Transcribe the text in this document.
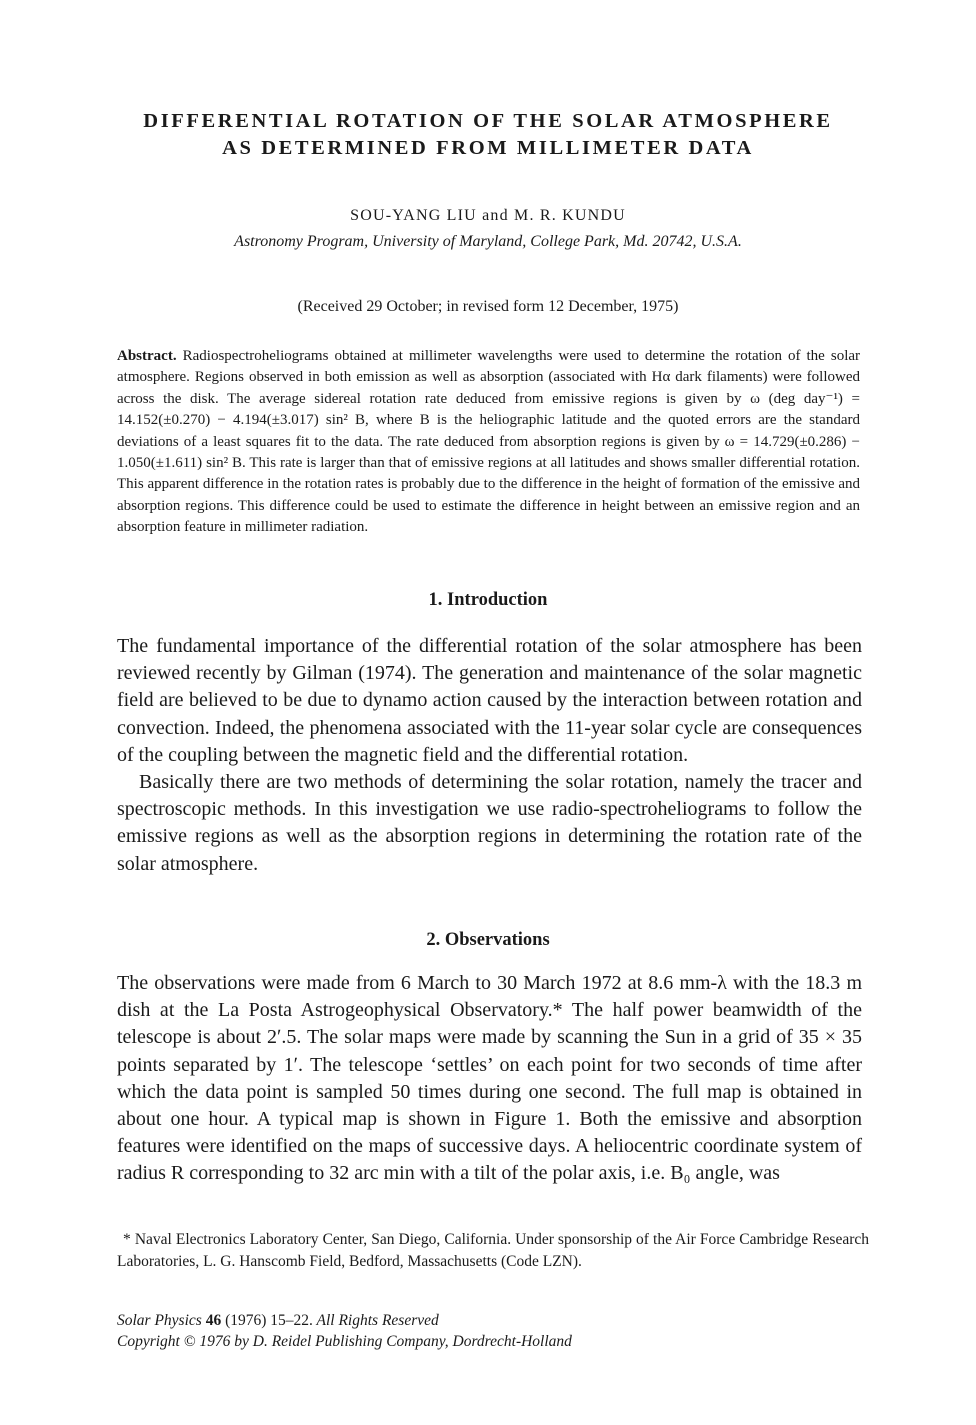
DIFFERENTIAL ROTATION OF THE SOLAR ATMOSPHERE
AS DETERMINED FROM MILLIMETER DATA
SOU-YANG LIU and M. R. KUNDU
Astronomy Program, University of Maryland, College Park, Md. 20742, U.S.A.
(Received 29 October; in revised form 12 December, 1975)
Abstract. Radiospectroheliograms obtained at millimeter wavelengths were used to determine the rotation of the solar atmosphere. Regions observed in both emission as well as absorption (associated with Hα dark filaments) were followed across the disk. The average sidereal rotation rate deduced from emissive regions is given by ω (deg day⁻¹) = 14.152(±0.270) − 4.194(±3.017) sin² B, where B is the heliographic latitude and the quoted errors are the standard deviations of a least squares fit to the data. The rate deduced from absorption regions is given by ω = 14.729(±0.286) − 1.050(±1.611) sin² B. This rate is larger than that of emissive regions at all latitudes and shows smaller differential rotation. This apparent difference in the rotation rates is probably due to the difference in the height of formation of the emissive and absorption regions. This difference could be used to estimate the difference in height between an emissive region and an absorption feature in millimeter radiation.
1. Introduction

The fundamental importance of the differential rotation of the solar atmosphere has been reviewed recently by Gilman (1974). The generation and maintenance of the solar magnetic field are believed to be due to dynamo action caused by the interaction between rotation and convection. Indeed, the phenomena associated with the 11-year solar cycle are consequences of the coupling between the magnetic field and the differential rotation.

Basically there are two methods of determining the solar rotation, namely the tracer and spectroscopic methods. In this investigation we use radio-spectroheliograms to follow the emissive regions as well as the absorption regions in determining the rotation rate of the solar atmosphere.

2. Observations

The observations were made from 6 March to 30 March 1972 at 8.6 mm-λ with the 18.3 m dish at the La Posta Astrogeophysical Observatory.* The half power beamwidth of the telescope is about 2ʹ.5. The solar maps were made by scanning the Sun in a grid of 35 × 35 points separated by 1ʹ. The telescope ‘settles’ on each point for two seconds of time after which the data point is sampled 50 times during one second. The full map is obtained in about one hour. A typical map is shown in Figure 1. Both the emissive and absorption features were identified on the maps of successive days. A heliocentric coordinate system of radius R corresponding to 32 arc min with a tilt of the polar axis, i.e. B₀ angle, was

* Naval Electronics Laboratory Center, San Diego, California. Under sponsorship of the Air Force Cambridge Research Laboratories, L. G. Hanscomb Field, Bedford, Massachusetts (Code LZN).
Solar Physics 46 (1976) 15–22. All Rights Reserved
Copyright © 1976 by D. Reidel Publishing Company, Dordrecht-Holland
